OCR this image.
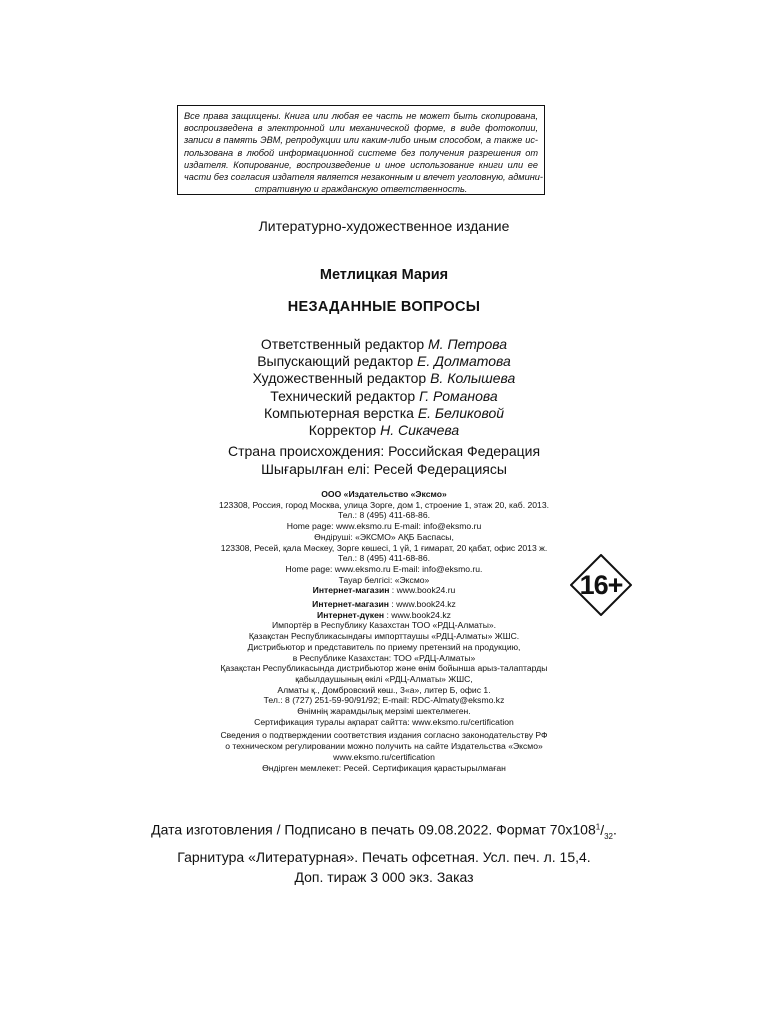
Все права защищены. Книга или любая ее часть не может быть скопирована,
воспроизведена в электронной или механической форме, в виде фотокопии,
записи в память ЭВМ, репродукции или каким-либо иным способом, а также ис-
пользована в любой информационной системе без получения разрешения от
издателя. Копирование, воспроизведение и иное использование книги или ее
части без согласия издателя является незаконным и влечет уголовную, админи-
стративную и гражданскую ответственность.
Литературно-художественное издание
Метлицкая Мария
НЕЗАДАННЫЕ ВОПРОСЫ
Ответственный редактор М. Петрова
Выпускающий редактор Е. Долматова
Художественный редактор В. Колышева
Технический редактор Г. Романова
Компьютерная верстка Е. Беликовой
Корректор Н. Сикачева
Страна происхождения: Российская Федерация
Шығарылған елі: Ресей Федерациясы
ООО «Издательство «Эксмо»
123308, Россия, город Москва, улица Зорге, дом 1, строение 1, этаж 20, каб. 2013.
Тел.: 8 (495) 411-68-86.
Home page: www.eksmo.ru E-mail: info@eksmo.ru
Өндіруші: «ЭКСМО» АҚБ Баспасы,
123308, Ресей, қала Мәскеу, Зорге көшесі, 1 үй, 1 ғимарат, 20 қабат, офис 2013 ж.
Тел.: 8 (495) 411-68-86.
Home page: www.eksmo.ru E-mail: info@eksmo.ru.
Тауар белгісі: «Эксмо»
Интернет-магазин : www.book24.ru
Интернет-магазин : www.book24.kz
Интернет-дүкен : www.book24.kz
Импортёр в Республику Казахстан ТОО «РДЦ-Алматы».
Қазақстан Республикасындағы импорттаушы «РДЦ-Алматы» ЖШС.
Дистрибьютор и представитель по приему претензий на продукцию,
в Республике Казахстан: ТОО «РДЦ-Алматы»
Қазақстан Республикасында дистрибьютор және өнім бойынша арыз-талаптарды
қабылдаушының өкілі «РДЦ-Алматы» ЖШС,
Алматы қ., Домбровский көш., 3«а», литер Б, офис 1.
Тел.: 8 (727) 251-59-90/91/92; E-mail: RDC-Almaty@eksmo.kz
Өнімнің жарамдылық мерзімі шектелмеген.
Сертификация туралы ақпарат сайтта: www.eksmo.ru/certification
Сведения о подтверждении соответствия издания согласно законодательству РФ
о техническом регулировании можно получить на сайте Издательства «Эксмо»
www.eksmo.ru/certification
Өндірген мемлекет: Ресей. Сертификация қарастырылмаған
16+
Дата изготовления / Подписано в печать 09.08.2022. Формат $70x108^1/_{32}$.
Гарнитура «Литературная». Печать офсетная. Усл. печ. л. 15,4.
Доп. тираж 3 000 экз. Заказ
